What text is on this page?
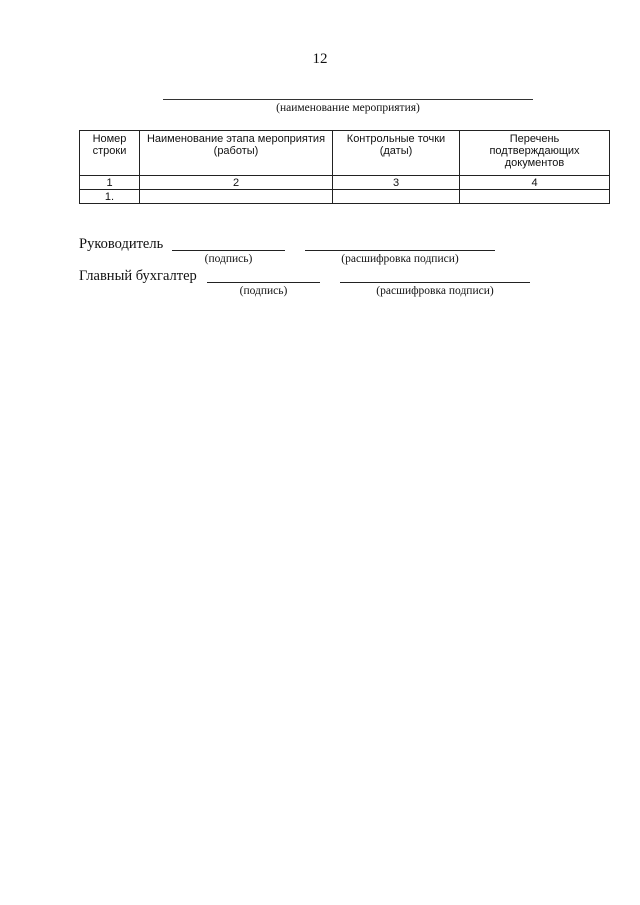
12
(наименование мероприятия)
Номер строки	Наименование этапа мероприятия (работы)	Контрольные точки (даты)	Перечень подтверждающих документов
1	2	3	4
1.			
Руководитель
(подпись)	(расшифровка подписи)
Главный бухгалтер
(подпись)	(расшифровка подписи)
